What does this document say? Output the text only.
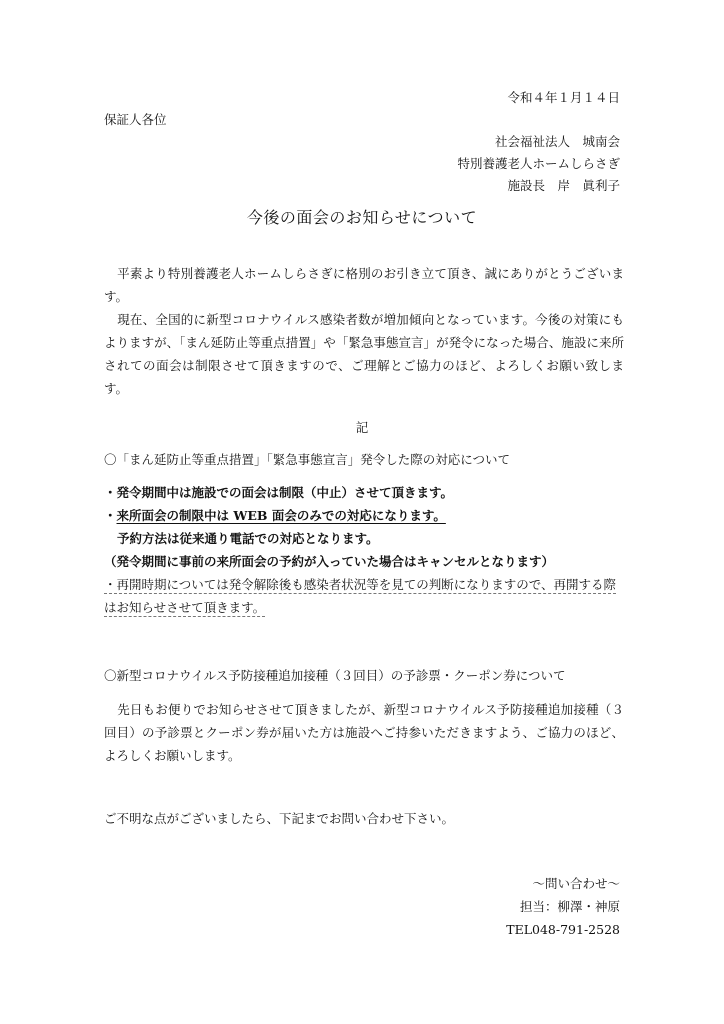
令和４年１月１４日
保証人各位
社会福祉法人　城南会
特別養護老人ホームしらさぎ
施設長　岸　眞利子
今後の面会のお知らせについて
平素より特別養護老人ホームしらさぎに格別のお引き立て頂き、誠にありがとうございます。
現在、全国的に新型コロナウイルス感染者数が増加傾向となっています。今後の対策にもよりますが、「まん延防止等重点措置」や「緊急事態宣言」が発令になった場合、施設に来所されての面会は制限させて頂きますので、ご理解とご協力のほど、よろしくお願い致します。
記
〇「まん延防止等重点措置」「緊急事態宣言」発令した際の対応について
・発令期間中は施設での面会は制限（中止）させて頂きます。
・来所面会の制限中は WEB 面会のみでの対応になります。
予約方法は従来通り電話での対応となります。
（発令期間に事前の来所面会の予約が入っていた場合はキャンセルとなります）
・再開時期については発令解除後も感染者状況等を見ての判断になりますので、再開する際
はお知らせさせて頂きます。
〇新型コロナウイルス予防接種追加接種（３回目）の予診票・クーポン券について
先日もお便りでお知らせさせて頂きましたが、新型コロナウイルス予防接種追加接種（３回目）の予診票とクーポン券が届いた方は施設へご持参いただきますよう、ご協力のほど、よろしくお願いします。
ご不明な点がございましたら、下記までお問い合わせ下さい。
～問い合わせ～
担当：柳澤・神原
TEL048-791-2528
